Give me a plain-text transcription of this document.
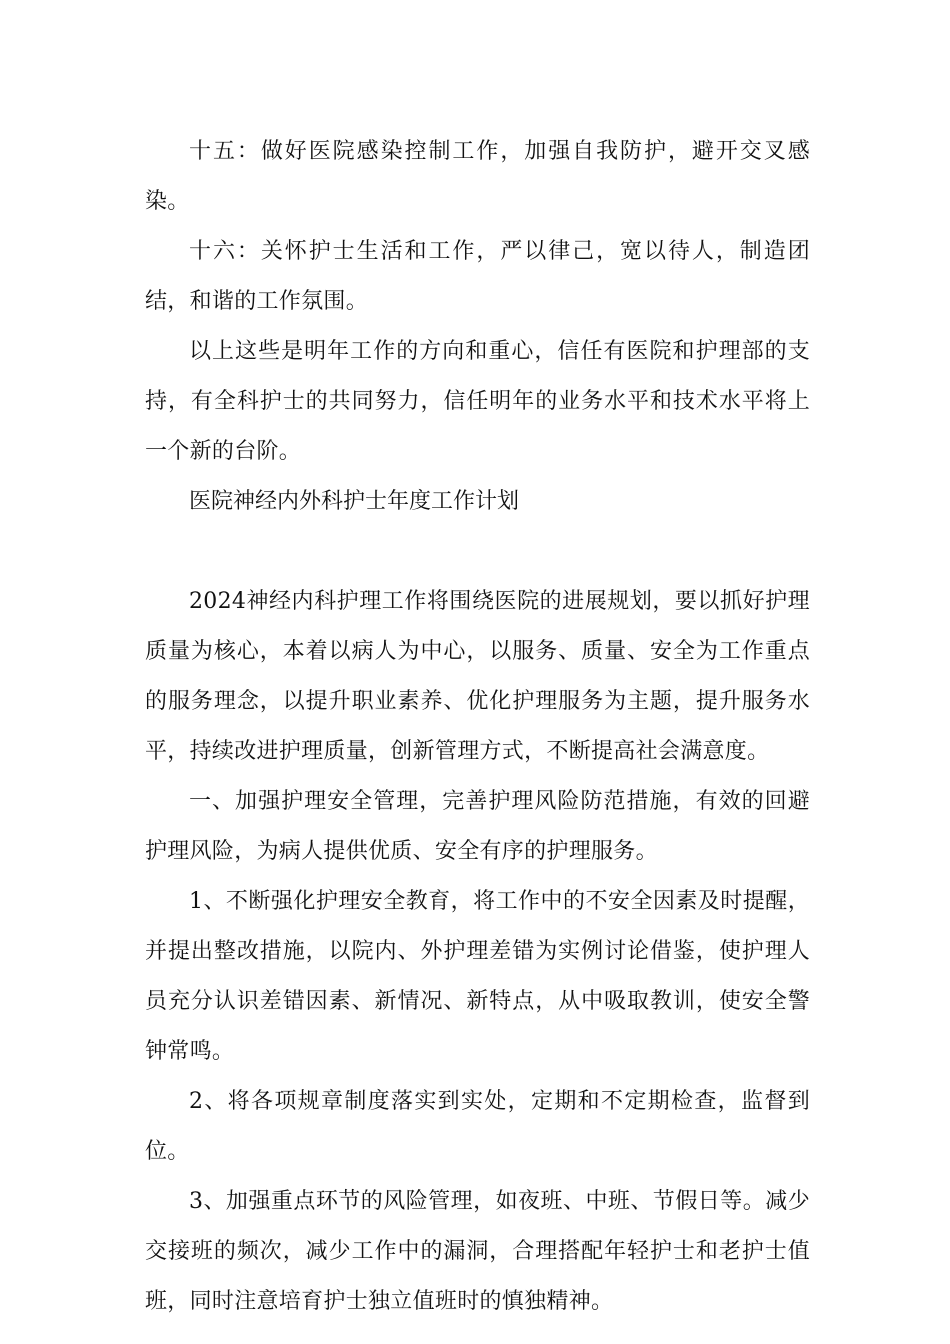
十五：做好医院感染控制工作，加强自我防护，避开交叉感染。

十六：关怀护士生活和工作，严以律己，宽以待人，制造团结，和谐的工作氛围。

以上这些是明年工作的方向和重心，信任有医院和护理部的支持，有全科护士的共同努力，信任明年的业务水平和技术水平将上一个新的台阶。

医院神经内外科护士年度工作计划

2024神经内科护理工作将围绕医院的进展规划，要以抓好护理质量为核心，本着以病人为中心，以服务、质量、安全为工作重点的服务理念，以提升职业素养、优化护理服务为主题，提升服务水平，持续改进护理质量，创新管理方式，不断提高社会满意度。

一、加强护理安全管理，完善护理风险防范措施，有效的回避护理风险，为病人提供优质、安全有序的护理服务。

1、不断强化护理安全教育，将工作中的不安全因素及时提醒，并提出整改措施，以院内、外护理差错为实例讨论借鉴，使护理人员充分认识差错因素、新情况、新特点，从中吸取教训，使安全警钟常鸣。

2、将各项规章制度落实到实处，定期和不定期检查，监督到位。

3、加强重点环节的风险管理，如夜班、中班、节假日等。减少交接班的频次，减少工作中的漏洞，合理搭配年轻护士和老护士值班，同时注意培育护士独立值班时的慎独精神。
